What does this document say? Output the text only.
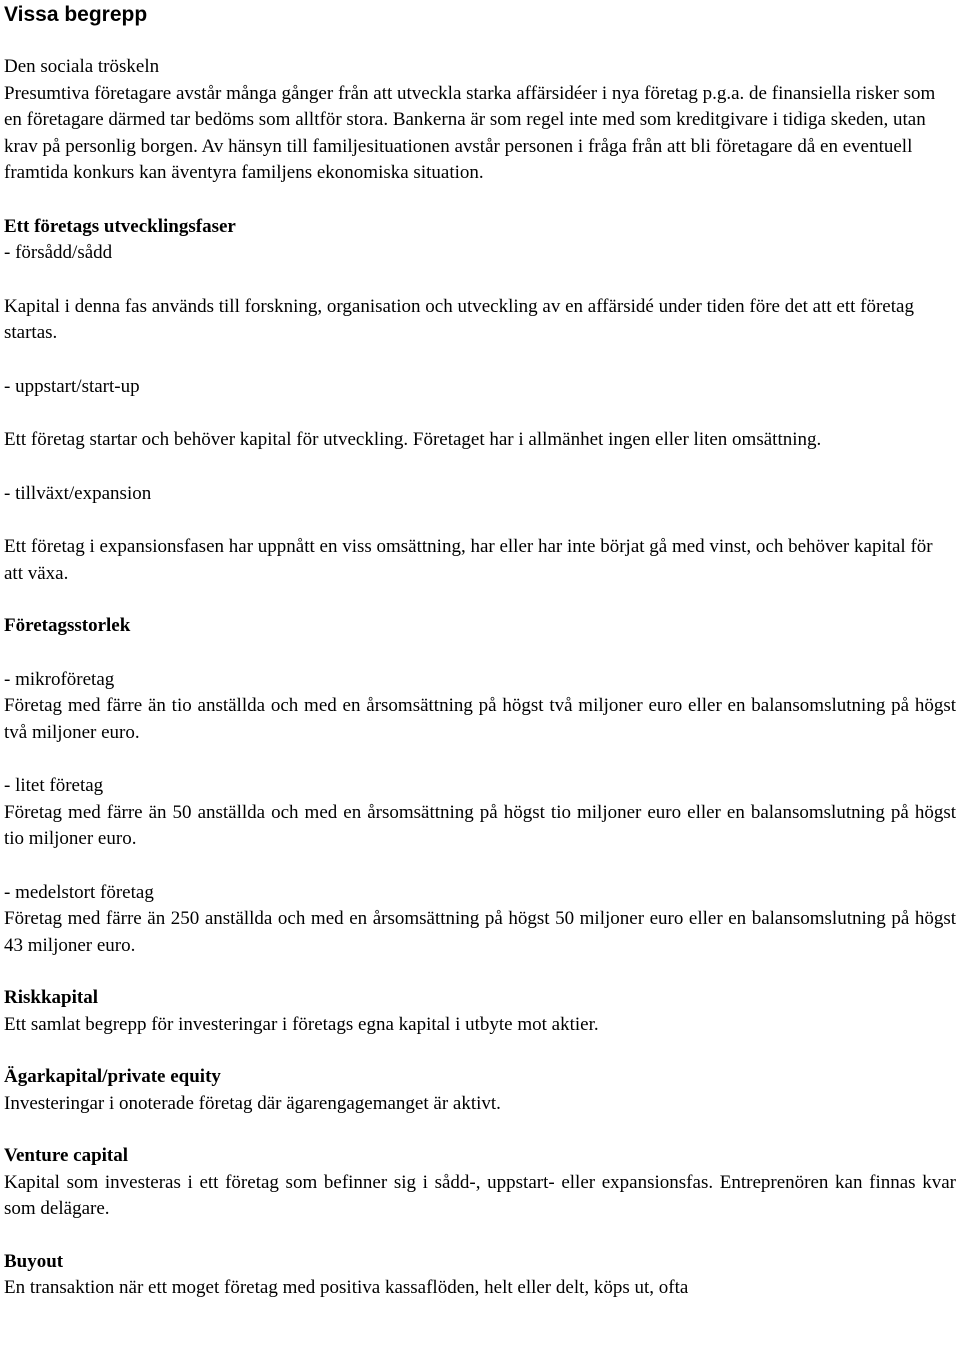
Vissa begrepp

Den sociala tröskeln

Presumtiva företagare avstår många gånger från att utveckla starka affärsidéer i nya företag p.g.a. de finansiella risker som en företagare därmed tar bedöms som alltför stora. Bankerna är som regel inte med som kreditgivare i tidiga skeden, utan krav på personlig borgen. Av hänsyn till familjesituationen avstår personen i fråga från att bli företagare då en eventuell framtida konkurs kan äventyra familjens ekonomiska situation.

Ett företags utvecklingsfaser

- försådd/sådd

Kapital i denna fas används till forskning, organisation och utveckling av en affärsidé under tiden före det att ett företag startas.

- uppstart/start-up

Ett företag startar och behöver kapital för utveckling. Företaget har i allmänhet ingen eller liten omsättning.

- tillväxt/expansion

Ett företag i expansionsfasen har uppnått en viss omsättning, har eller har inte börjat gå med vinst, och behöver kapital för att växa.

Företagsstorlek

- mikroföretag

Företag med färre än tio anställda och med en årsomsättning på högst två miljoner euro eller en balansomslutning på högst två miljoner euro.

- litet företag

Företag med färre än 50 anställda och med en årsomsättning på högst tio miljoner euro eller en balansomslutning på högst tio miljoner euro.

- medelstort företag

Företag med färre än 250 anställda och med en årsomsättning på högst 50 miljoner euro eller en balansomslutning på högst 43 miljoner euro.

Riskkapital

Ett samlat begrepp för investeringar i företags egna kapital i utbyte mot aktier.

Ägarkapital/private equity

Investeringar i onoterade företag där ägarengagemanget är aktivt.

Venture capital

Kapital som investeras i ett företag som befinner sig i sådd-, uppstart- eller expansionsfas. Entreprenören kan finnas kvar som delägare.

Buyout

En transaktion när ett moget företag med positiva kassaflöden, helt eller delt, köps ut, ofta
